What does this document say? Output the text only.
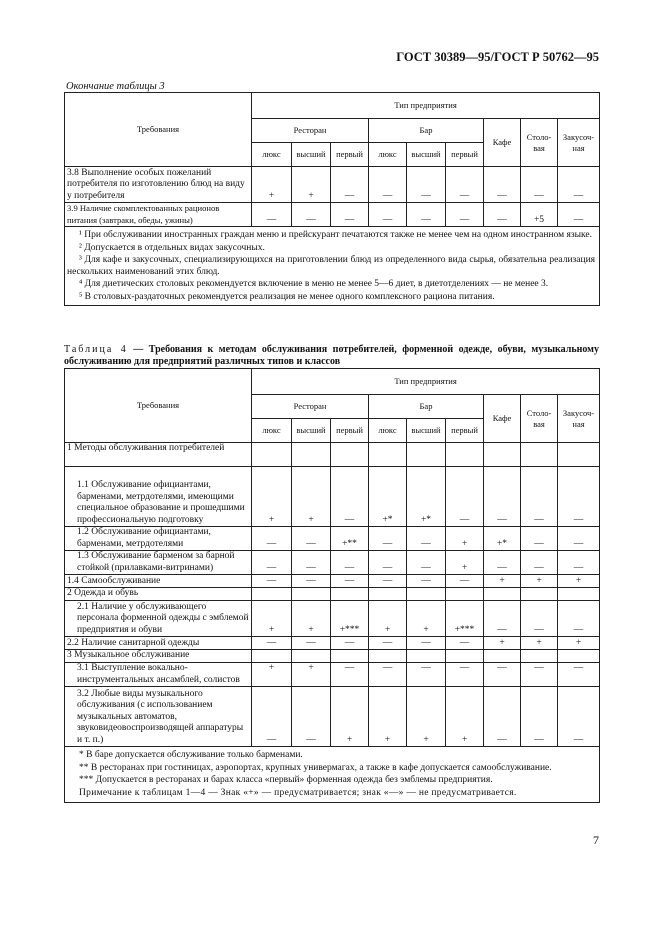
ГОСТ 30389—95/ГОСТ Р 50762—95
Окончание таблицы 3
Требования	Тип предприятия								
	Ресторан			Бар			Кафе	Столо-вая	Закусоч-ная
	люкс	высший	первый	люкс	высший	первый			
3.8 Выполнение особых пожеланий потребителя по изготовлению блюд на виду у потребителя	+	+	—	—	—	—	—	—	—
3.9 Наличие скомплектованных рационов питания (завтраки, обеды, ужины)	—	—	—	—	—	—	—	+5	—

¹ При обслуживании иностранных граждан меню и прейскурант печатаются также не менее чем на одном иностранном языке.

² Допускается в отдельных видах закусочных.

³ Для кафе и закусочных, специализирующихся на приготовлении блюд из определенного вида сырья, обязательна реализация нескольких наименований этих блюд.

⁴ Для диетических столовых рекомендуется включение в меню не менее 5—6 диет, в диетотделениях — не менее 3.

⁵ В столовых-раздаточных рекомендуется реализация не менее одного комплексного рациона питания.									

Таблица 4 — Требования к методам обслуживания потребителей, форменной одежде, обуви, музыкальному обслуживанию для предприятий различных типов и классов
Требования	Тип предприятия								
	Ресторан			Бар			Кафе	Столо-вая	Закусоч-ная
	люкс	высший	первый	люкс	высший	первый			
1 Методы обслуживания потребителей									
1.1 Обслуживание официантами, барменами, метрдотелями, имеющими специальное образование и прошедшими профессиональную подготовку	+	+	—	+*	+*	—	—	—	—
1.2 Обслуживание официантами, барменами, метрдотелями	—	—	+**	—	—	+	+*	—	—
1.3 Обслуживание барменом за барной стойкой (прилавками-витринами)	—	—	—	—	—	+	—	—	—
1.4 Самообслуживание	—	—	—	—	—	—	+	+	+
2 Одежда и обувь									
2.1 Наличие у обслуживающего персонала форменной одежды с эмблемой предприятия и обуви	+	+	+***	+	+	+***	—	—	—
2.2 Наличие санитарной одежды	—	—	—	—	—	—	+	+	+
3 Музыкальное обслуживание									
3.1 Выступление вокально-инструментальных ансамблей, солистов	+	+	—	—	—	—	—	—	—
3.2 Любые виды музыкального обслуживания (с использованием музыкальных автоматов, звуковидеовоспроизводящей аппаратуры и т. п.)	—	—	+	+	+	+	—	—	—

* В баре допускается обслуживание только барменами.

** В ресторанах при гостиницах, аэропортах, крупных универмагах, а также в кафе допускается самообслуживание.

*** Допускается в ресторанах и барах класса «первый» форменная одежда без эмблемы предприятия.

Примечание к таблицам 1—4 — Знак «+» — предусматривается; знак «—» — не предусматривается.									

7
